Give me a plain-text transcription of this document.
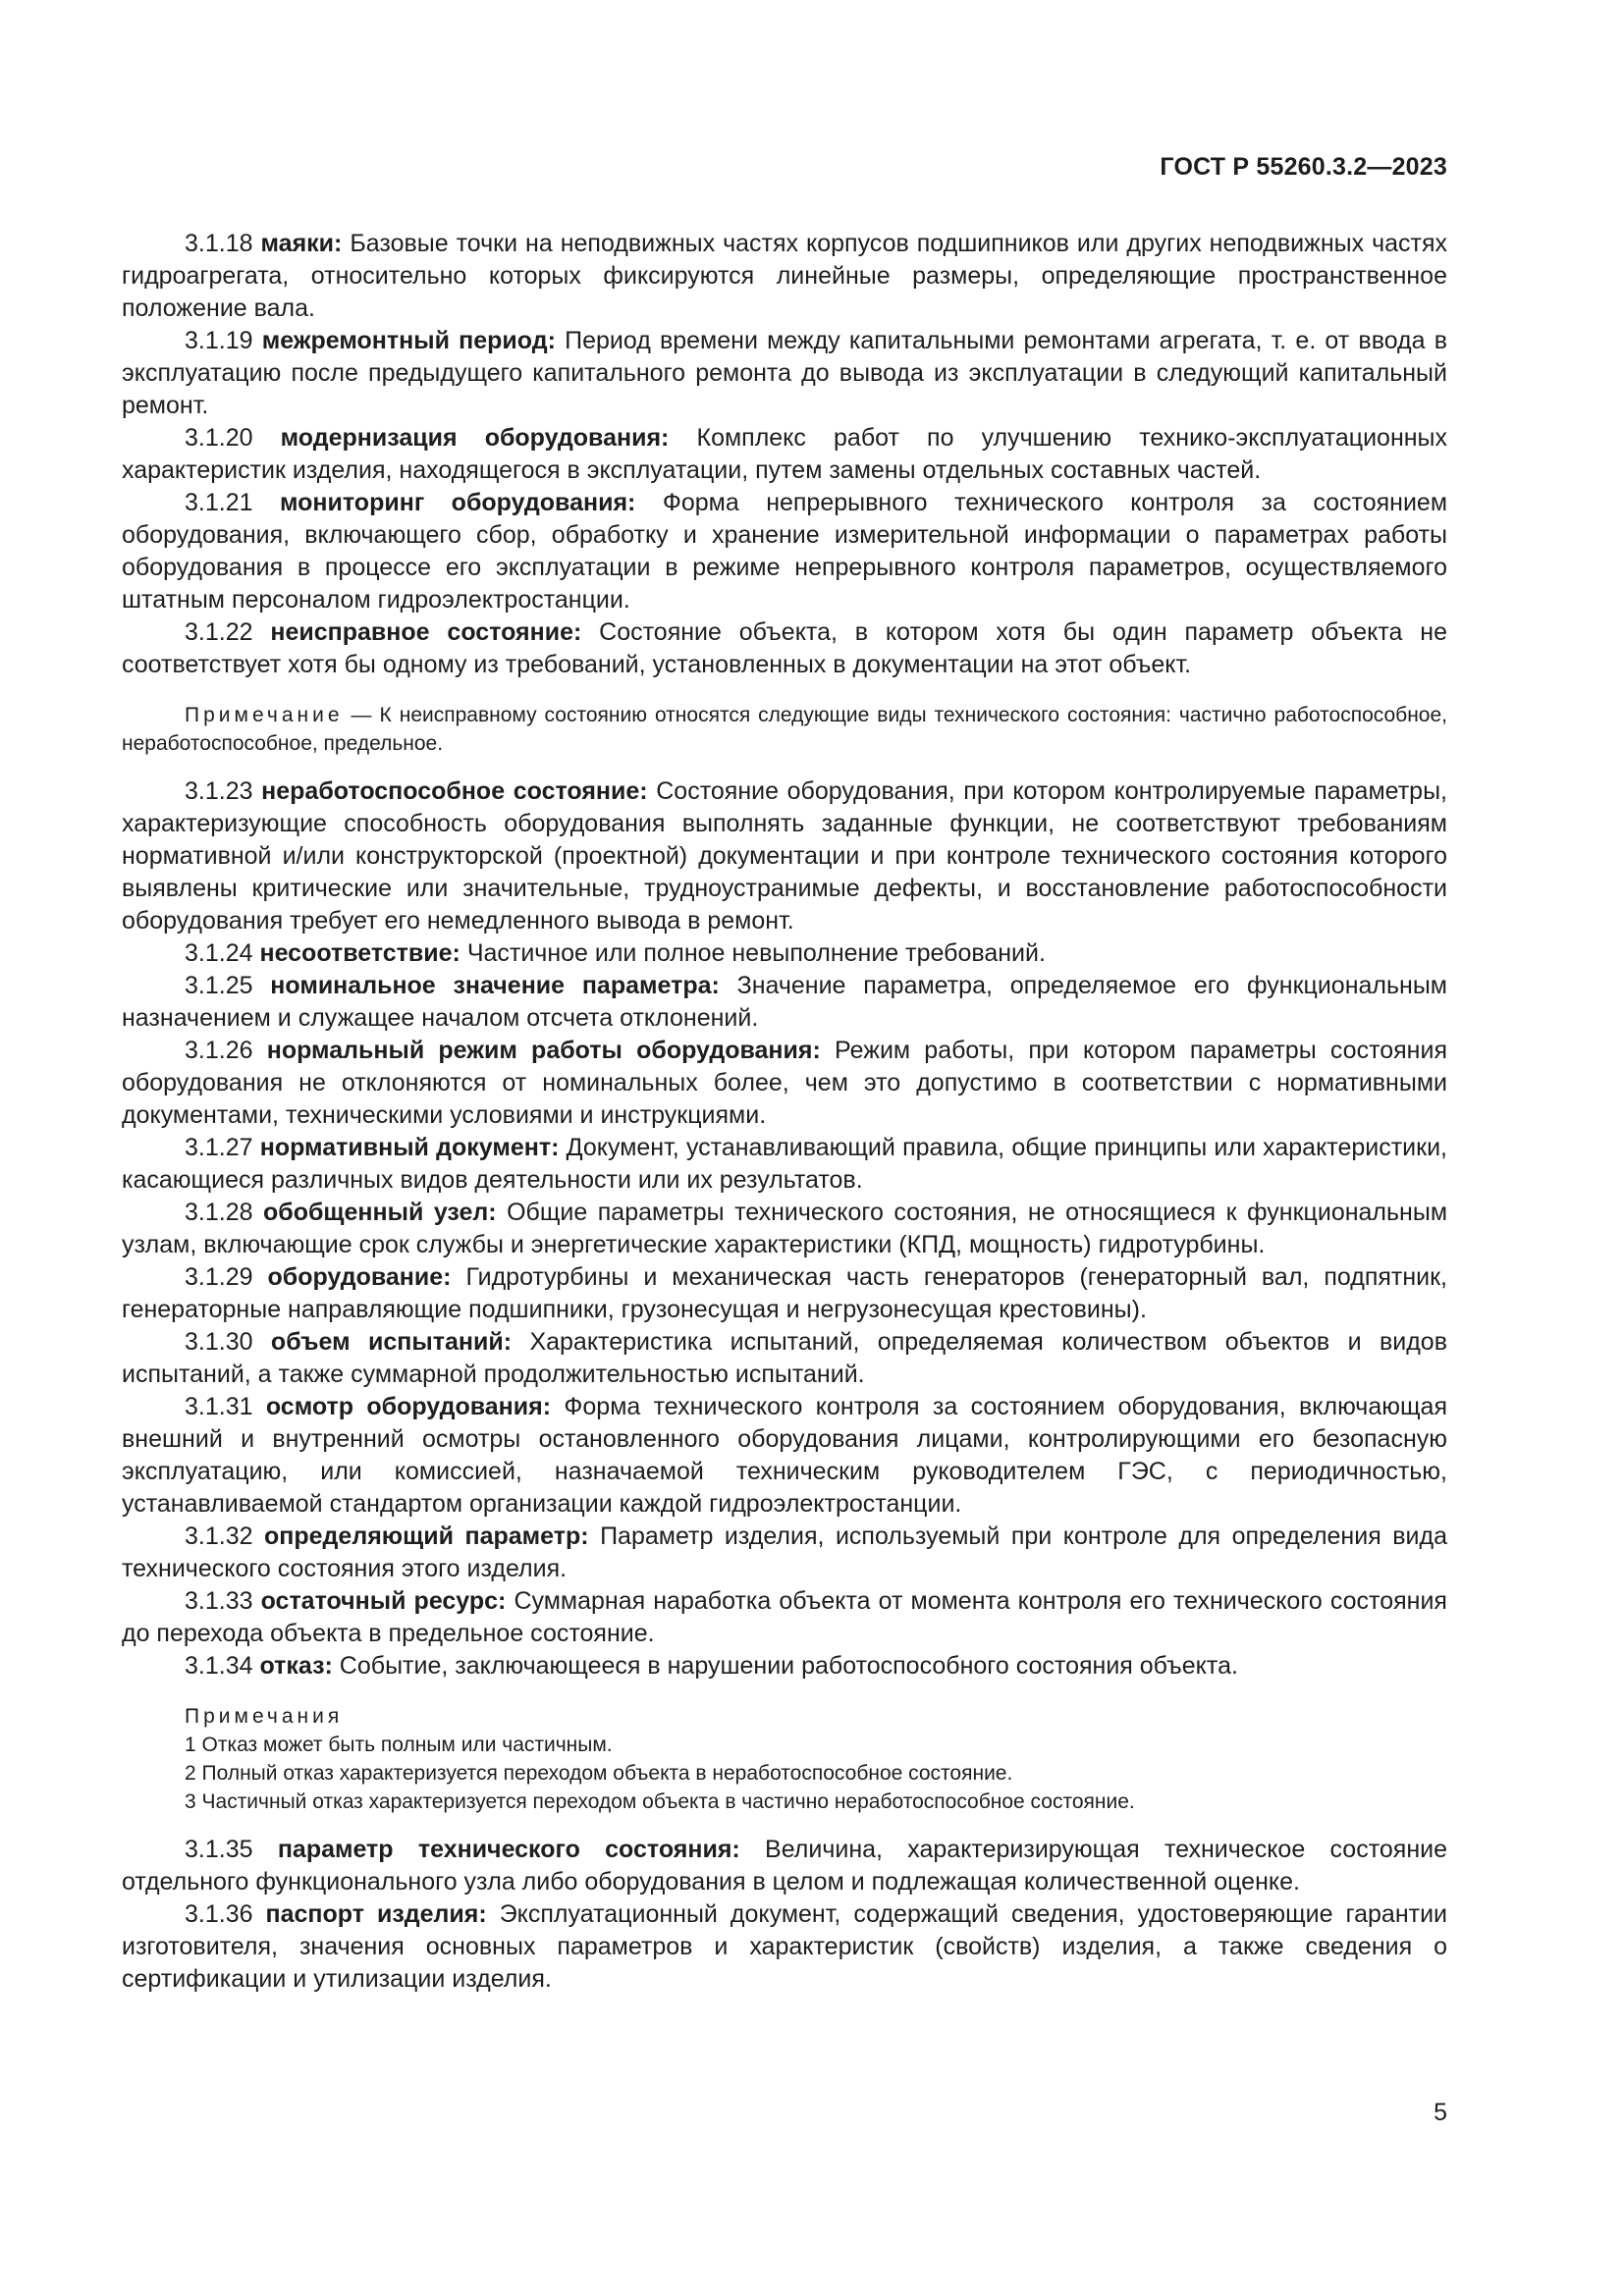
ГОСТ Р 55260.3.2—2023

3.1.18 маяки: Базовые точки на неподвижных частях корпусов подшипников или других неподвижных частях гидроагрегата, относительно которых фиксируются линейные размеры, определяющие пространственное положение вала.

3.1.19 межремонтный период: Период времени между капитальными ремонтами агрегата, т. е. от ввода в эксплуатацию после предыдущего капитального ремонта до вывода из эксплуатации в следующий капитальный ремонт.

3.1.20 модернизация оборудования: Комплекс работ по улучшению технико-эксплуатационных характеристик изделия, находящегося в эксплуатации, путем замены отдельных составных частей.

3.1.21 мониторинг оборудования: Форма непрерывного технического контроля за состоянием оборудования, включающего сбор, обработку и хранение измерительной информации о параметрах работы оборудования в процессе его эксплуатации в режиме непрерывного контроля параметров, осуществляемого штатным персоналом гидроэлектростанции.

3.1.22 неисправное состояние: Состояние объекта, в котором хотя бы один параметр объекта не соответствует хотя бы одному из требований, установленных в документации на этот объект.

Примечание — К неисправному состоянию относятся следующие виды технического состояния: частично работоспособное, неработоспособное, предельное.

3.1.23 неработоспособное состояние: Состояние оборудования, при котором контролируемые параметры, характеризующие способность оборудования выполнять заданные функции, не соответствуют требованиям нормативной и/или конструкторской (проектной) документации и при контроле технического состояния которого выявлены критические или значительные, трудноустранимые дефекты, и восстановление работоспособности оборудования требует его немедленного вывода в ремонт.

3.1.24 несоответствие: Частичное или полное невыполнение требований.

3.1.25 номинальное значение параметра: Значение параметра, определяемое его функциональным назначением и служащее началом отсчета отклонений.

3.1.26 нормальный режим работы оборудования: Режим работы, при котором параметры состояния оборудования не отклоняются от номинальных более, чем это допустимо в соответствии с нормативными документами, техническими условиями и инструкциями.

3.1.27 нормативный документ: Документ, устанавливающий правила, общие принципы или характеристики, касающиеся различных видов деятельности или их результатов.

3.1.28 обобщенный узел: Общие параметры технического состояния, не относящиеся к функциональным узлам, включающие срок службы и энергетические характеристики (КПД, мощность) гидротурбины.

3.1.29 оборудование: Гидротурбины и механическая часть генераторов (генераторный вал, подпятник, генераторные направляющие подшипники, грузонесущая и негрузонесущая крестовины).

3.1.30 объем испытаний: Характеристика испытаний, определяемая количеством объектов и видов испытаний, а также суммарной продолжительностью испытаний.

3.1.31 осмотр оборудования: Форма технического контроля за состоянием оборудования, включающая внешний и внутренний осмотры остановленного оборудования лицами, контролирующими его безопасную эксплуатацию, или комиссией, назначаемой техническим руководителем ГЭС, с периодичностью, устанавливаемой стандартом организации каждой гидроэлектростанции.

3.1.32 определяющий параметр: Параметр изделия, используемый при контроле для определения вида технического состояния этого изделия.

3.1.33 остаточный ресурс: Суммарная наработка объекта от момента контроля его технического состояния до перехода объекта в предельное состояние.

3.1.34 отказ: Событие, заключающееся в нарушении работоспособного состояния объекта.

Примечания
1 Отказ может быть полным или частичным.
2 Полный отказ характеризуется переходом объекта в неработоспособное состояние.
3 Частичный отказ характеризуется переходом объекта в частично неработоспособное состояние.

3.1.35 параметр технического состояния: Величина, характеризирующая техническое состояние отдельного функционального узла либо оборудования в целом и подлежащая количественной оценке.

3.1.36 паспорт изделия: Эксплуатационный документ, содержащий сведения, удостоверяющие гарантии изготовителя, значения основных параметров и характеристик (свойств) изделия, а также сведения о сертификации и утилизации изделия.

5
